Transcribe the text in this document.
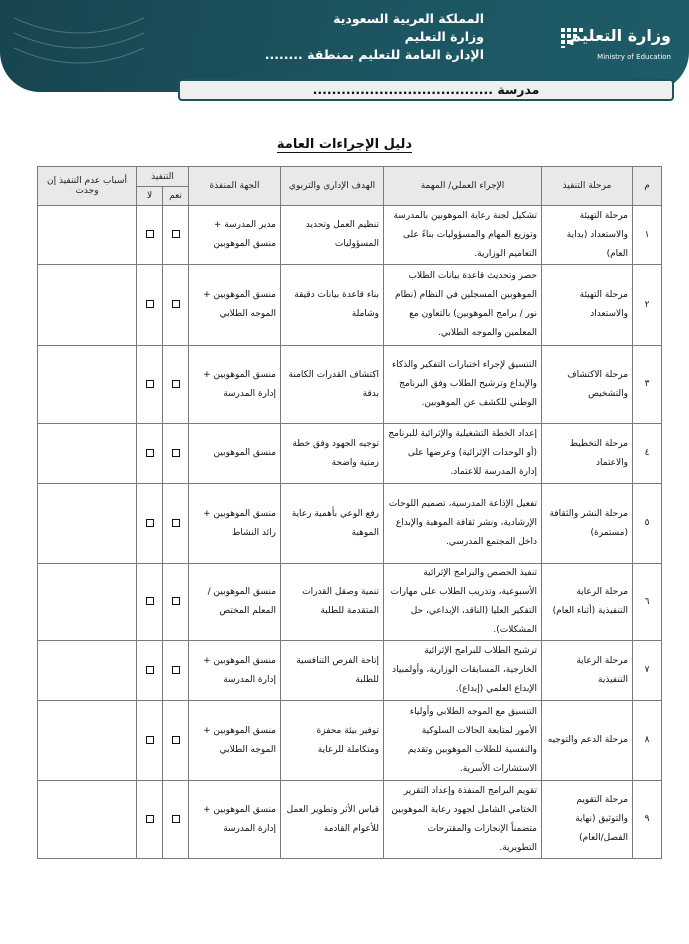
المملكة العربية السعودية
وزارة التعليم
الإدارة العامة للتعليم بمنطقة ........
وزارة التعليم
Ministry of Education
مدرسة ......................................
دليل الإجراءات العامة
م	مرحلة التنفيذ	الإجراء العملي/ المهمة	الهدف الإداري والتربوي	الجهة المنفذة	التنفيذ		أسباب عدم التنفيذ إن وجدت
					نعم	لا	
١	مرحلة التهيئة والاستعداد (بداية العام)	تشكيل لجنة رعاية الموهوبين بالمدرسة وتوزيع المهام والمسؤوليات بناءً على التعاميم الوزارية.	تنظيم العمل وتحديد المسؤوليات	مدير المدرسة + منسق الموهوبين			
٢	مرحلة التهيئة والاستعداد	حصر وتحديث قاعدة بيانات الطلاب الموهوبين المسجلين في النظام (نظام نور / برامج الموهوبين) بالتعاون مع المعلمين والموجه الطلابي.	بناء قاعدة بيانات دقيقة وشاملة	منسق الموهوبين + الموجه الطلابي			
٣	مرحلة الاكتشاف والتشخيص	التنسيق لإجراء اختبارات التفكير والذكاء والإبداع وترشيح الطلاب وفق البرنامج الوطني للكشف عن الموهوبين.	اكتشاف القدرات الكامنة بدقة	منسق الموهوبين + إدارة المدرسة			
٤	مرحلة التخطيط والاعتماد	إعداد الخطة التشغيلية والإثرائية للبرنامج (أو الوحدات الإثرائية) وعرضها على إدارة المدرسة للاعتماد.	توجيه الجهود وفق خطة زمنية واضحة	منسق الموهوبين			
٥	مرحلة النشر والثقافة (مستمرة)	تفعيل الإذاعة المدرسية، تصميم اللوحات الإرشادية، ونشر ثقافة الموهبة والإبداع داخل المجتمع المدرسي.	رفع الوعي بأهمية رعاية الموهبة	منسق الموهوبين + رائد النشاط			
٦	مرحلة الرعاية التنفيذية (أثناء العام)	تنفيذ الحصص والبرامج الإثرائية الأسبوعية، وتدريب الطلاب على مهارات التفكير العليا (الناقد، الإبداعي، حل المشكلات).	تنمية وصقل القدرات المتقدمة للطلبة	منسق الموهوبين / المعلم المختص			
٧	مرحلة الرعاية التنفيذية	ترشيح الطلاب للبرامج الإثرائية الخارجية، المسابقات الوزارية، وأولمبياد الإبداع العلمي (إبداع).	إتاحة الفرص التنافسية للطلبة	منسق الموهوبين + إدارة المدرسة			
٨	مرحلة الدعم والتوجيه	التنسيق مع الموجه الطلابي وأولياء الأمور لمتابعة الحالات السلوكية والنفسية للطلاب الموهوبين وتقديم الاستشارات الأسرية.	توفير بيئة محفزة ومتكاملة للرعاية	منسق الموهوبين + الموجه الطلابي			
٩	مرحلة التقويم والتوثيق (نهاية الفصل/العام)	تقويم البرامج المنفذة وإعداد التقرير الختامي الشامل لجهود رعاية الموهوبين متضمناً الإنجازات والمقترحات التطويرية.	قياس الأثر وتطوير العمل للأعوام القادمة	منسق الموهوبين + إدارة المدرسة			
